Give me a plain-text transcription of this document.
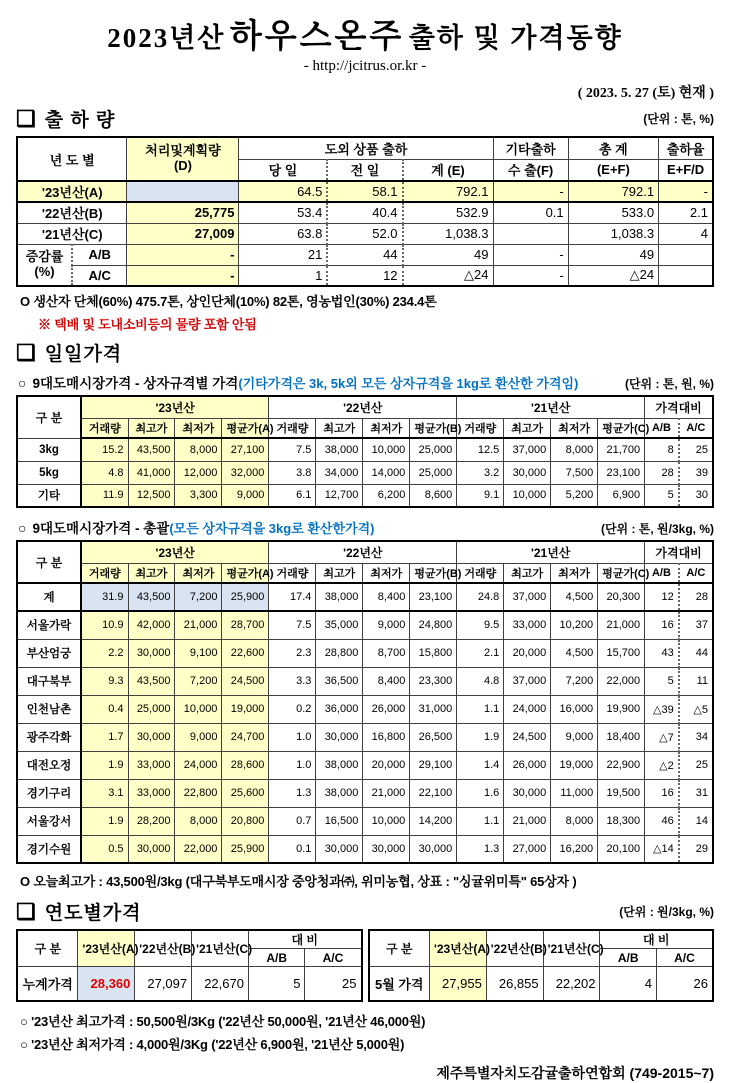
2023년산 하우스온주 출하 및 가격동향
- http://jcitrus.or.kr -
( 2023. 5. 27 (토) 현재 )
❑ 출 하 량	(단위 : 톤, %)
년 도 별		처리및계획량
(D)	도외 상품 출하			기타출하	총 계	출하율
			당 일	전 일	계 (E)	수 출(F)	(E+F)	E+F/D
'23년산(A)			64.5	58.1	792.1	-	792.1	-
'22년산(B)		25,775	53.4	40.4	532.9	0.1	533.0	2.1
'21년산(C)		27,009	63.8	52.0	1,038.3		1,038.3	4

증감률
(%)	A/B	-	21	44	49	-	49	
	A/C	-	1	12	△24	-	△24	
O 생산자 단체(60%) 475.7톤, 상인단체(10%) 82톤, 영농법인(30%) 234.4톤
※ 택배 및 도내소비등의 물량 포함 안됨
❑ 일일가격
○ 9대도매시장가격 - 상자규격별 가격 (기타가격은 3k, 5k외 모든 상자규격을 1kg로 환산한 가격임)	(단위 : 톤, 원, %)
구 분	'23년산				'22년산				'21년산				가격대비	
	거래량	최고가	최저가	평균가(A)	거래량	최고가	최저가	평균가(B)	거래량	최고가	최저가	평균가(C)	A/B	A/C
3kg	15.2	43,500	8,000	27,100	7.5	38,000	10,000	25,000	12.5	37,000	8,000	21,700	8	25
5kg	4.8	41,000	12,000	32,000	3.8	34,000	14,000	25,000	3.2	30,000	7,500	23,100	28	39
기타	11.9	12,500	3,300	9,000	6.1	12,700	6,200	8,600	9.1	10,000	5,200	6,900	5	30
○ 9대도매시장가격 - 총괄 (모든 상자규격을 3kg로 환산한가격)	(단위 : 톤, 원/3kg, %)
구 분	'23년산				'22년산				'21년산				가격대비	
	거래량	최고가	최저가	평균가(A)	거래량	최고가	최저가	평균가(B)	거래량	최고가	최저가	평균가(C)	A/B	A/C
계	31.9	43,500	7,200	25,900	17.4	38,000	8,400	23,100	24.8	37,000	4,500	20,300	12	28
서울가락	10.9	42,000	21,000	28,700	7.5	35,000	9,000	24,800	9.5	33,000	10,200	21,000	16	37
부산엄궁	2.2	30,000	9,100	22,600	2.3	28,800	8,700	15,800	2.1	20,000	4,500	15,700	43	44
대구북부	9.3	43,500	7,200	24,500	3.3	36,500	8,400	23,300	4.8	37,000	7,200	22,000	5	11
인천남촌	0.4	25,000	10,000	19,000	0.2	36,000	26,000	31,000	1.1	24,000	16,000	19,900	△39	△5
광주각화	1.7	30,000	9,000	24,700	1.0	30,000	16,800	26,500	1.9	24,500	9,000	18,400	△7	34
대전오정	1.9	33,000	24,000	28,600	1.0	38,000	20,000	29,100	1.4	26,000	19,000	22,900	△2	25
경기구리	3.1	33,000	22,800	25,600	1.3	38,000	21,000	22,100	1.6	30,000	11,000	19,500	16	31
서울강서	1.9	28,200	8,000	20,800	0.7	16,500	10,000	14,200	1.1	21,000	8,000	18,300	46	14
경기수원	0.5	30,000	22,000	25,900	0.1	30,000	30,000	30,000	1.3	27,000	16,200	20,100	△14	29
O 오늘최고가 : 43,500원/3kg (대구북부도매시장 중앙청과㈜, 위미농협, 상표 : "싱귤위미특" 65상자 )
❑ 연도별가격	(단위 : 원/3kg, %)
구 분	'23년산(A)	'22년산(B)	'21년산(C)	대 비	
				A/B	A/C
누계가격	28,360	27,097	22,670	5	25
구 분	'23년산(A)	'22년산(B)	'21년산(C)	대 비	
				A/B	A/C
5월 가격	27,955	26,855	22,202	4	26
○ '23년산 최고가격 : 50,500원/3Kg ('22년산 50,000원, '21년산 46,000원)
○ '23년산 최저가격 : 4,000원/3Kg ('22년산 6,900원, '21년산 5,000원)
제주특별자치도감귤출하연합회 (749-2015~7)
